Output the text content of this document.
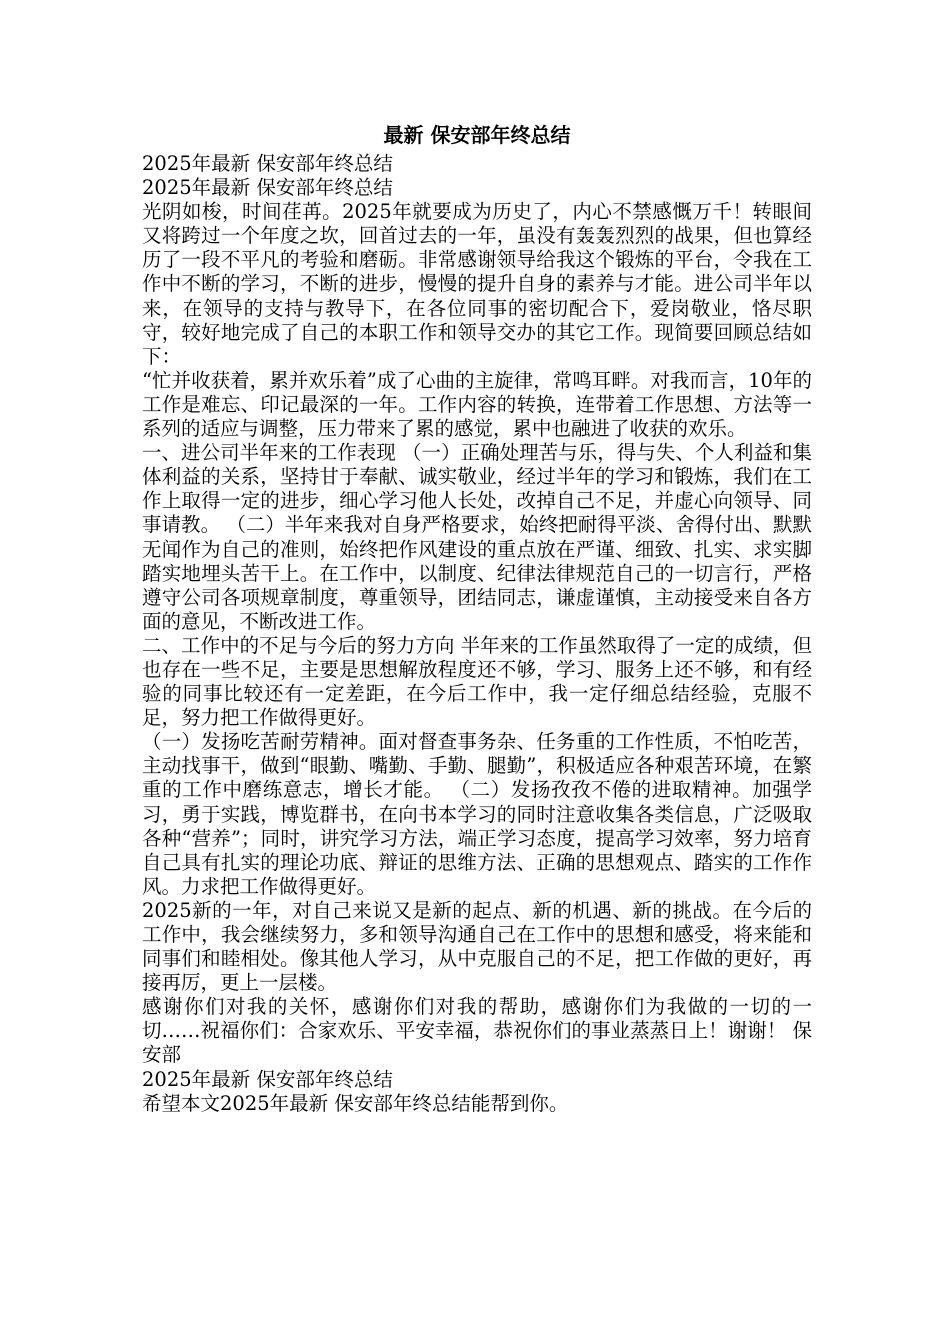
最新 保安部年终总结

2025年最新 保安部年终总结

2025年最新 保安部年终总结

光阴如梭，时间荏苒。2025年就要成为历史了，内心不禁感慨万千！转眼间又将跨过一个年度之坎，回首过去的一年，虽没有轰轰烈烈的战果，但也算经历了一段不平凡的考验和磨砺。非常感谢领导给我这个锻炼的平台，令我在工作中不断的学习，不断的进步，慢慢的提升自身的素养与才能。进公司半年以来，在领导的支持与教导下，在各位同事的密切配合下，爱岗敬业，恪尽职守，较好地完成了自己的本职工作和领导交办的其它工作。现简要回顾总结如下：

“忙并收获着，累并欢乐着”成了心曲的主旋律，常鸣耳畔。对我而言，10年的工作是难忘、印记最深的一年。工作内容的转换，连带着工作思想、方法等一系列的适应与调整，压力带来了累的感觉，累中也融进了收获的欢乐。

一、进公司半年来的工作表现 （一）正确处理苦与乐，得与失、个人利益和集体利益的关系，坚持甘于奉献、诚实敬业，经过半年的学习和锻炼，我们在工作上取得一定的进步，细心学习他人长处，改掉自己不足，并虚心向领导、同事请教。 （二）半年来我对自身严格要求，始终把耐得平淡、舍得付出、默默无闻作为自己的准则，始终把作风建设的重点放在严谨、细致、扎实、求实脚踏实地埋头苦干上。在工作中，以制度、纪律法律规范自己的一切言行，严格遵守公司各项规章制度，尊重领导，团结同志，谦虚谨慎，主动接受来自各方面的意见，不断改进工作。

二、工作中的不足与今后的努力方向 半年来的工作虽然取得了一定的成绩，但也存在一些不足，主要是思想解放程度还不够，学习、服务上还不够，和有经验的同事比较还有一定差距，在今后工作中，我一定仔细总结经验，克服不足，努力把工作做得更好。

（一）发扬吃苦耐劳精神。面对督查事务杂、任务重的工作性质，不怕吃苦，主动找事干，做到“眼勤、嘴勤、手勤、腿勤”，积极适应各种艰苦环境，在繁重的工作中磨练意志，增长才能。 （二）发扬孜孜不倦的进取精神。加强学习，勇于实践，博览群书，在向书本学习的同时注意收集各类信息，广泛吸取各种“营养”；同时，讲究学习方法，端正学习态度，提高学习效率，努力培育自己具有扎实的理论功底、辩证的思维方法、正确的思想观点、踏实的工作作风。力求把工作做得更好。

2025新的一年，对自己来说又是新的起点、新的机遇、新的挑战。在今后的工作中，我会继续努力，多和领导沟通自己在工作中的思想和感受，将来能和同事们和睦相处。像其他人学习，从中克服自己的不足，把工作做的更好，再接再厉，更上一层楼。

感谢你们对我的关怀，感谢你们对我的帮助，感谢你们为我做的一切的一切……祝福你们：合家欢乐、平安幸福，恭祝你们的事业蒸蒸日上！谢谢！ 保安部

2025年最新 保安部年终总结

希望本文2025年最新 保安部年终总结能帮到你。
